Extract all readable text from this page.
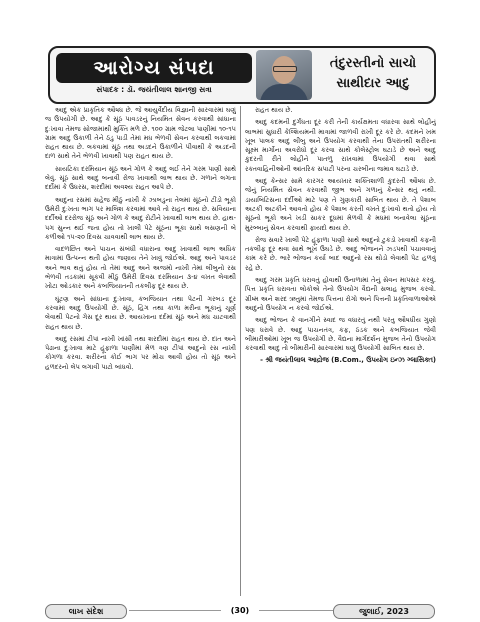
આરોગ્ય સંપદા
સંપાદક : ડૉ. જયંતીલાલ શાનજી સત્રા
તંદુરસ્તીનો સાચો
સાથીદાર આદુ

આદુ એક પ્રાકૃતિક ઔષધ છે. જે આયુર્વેદીય વિજ્ઞાની સારવારમાં ઘણું જ ઉપયોગી છે. આદુ કે સૂંઠ પાવડરનું નિયમિત સેવન કરવાથી સાંધાના દુઃખાવા તેમજ સોજામાંથી મુક્તિ મળે છે. ૧૦૦ ગ્રામ જેટલા પાણીમાં ૧૦-૧૫ ગ્રામ આદુ ઉકાળી તેને ઠંડુ પાડી તેમાં મધ ભેળવી સેવન કરવાથી લકવામાં રાહત થાય છે. લકવામાં સૂંઠ તથા અડદને ઉકાળીને પીવાથી કે અડદની દાળ સાથે તેને ભેળવી ખાવાથી પણ રાહત થાય છે.

સાયટિકા દરમિયાન સૂંઠ અને ગોળ કે આદુ લઈ તેને ગરમ પાણી સાથે લેવું. સૂંઠ સાથે આદુ બનાવી રોજ ખાવાથી લાભ થાય છે. ગળાને લગતા દર્દોમાં કે ઉધરસ, શરદીમાં અવશ્ય રાહત આપે છે.

આદુના રસમાં સહેજ મીઠું નાખી કે ઝાબડુના તેલમાં સૂંઠનો ટીંડો ભૂકો ઉમેરી દુઃખતા ભાગ પર માલિશ કરવામાં આવે તો રાહત થાય છે. સવિયાના દર્દીઓ દરરોજ સૂંઠ અને ગોળ કે આદુ રોટીને ખાવાથી લાભ થાય છે. હાથ-પગ સુન્ન થઈ જતા હોય તો ખાલી પેટે સૂંઠના ભૂકા સાથે લસણની બે કળીઓ ૧૫-૨૦ દિવસ ચાવવાથી લાભ થાય છે.

વાદળછિત અને પાચન સંબંધી વધારાના આદુ ખાવાથી લાભ અધિક માત્રામાં ઉત્પન્ન થતી હોય જણાય તેને ખાવું જોઈએ. આદુ અને પાવડર અને ભાવ થતું હોય તો તેમાં આદુ અને અજમો નાખી તેમાં લીંબુનો રસ ભેળવી તડકામાં સૂકવી મીઠું ઉમેરી દિવસ દરમિયાન ૩-૪ વખત લેવાથી ખોટા ઓડકાર અને કબજિયાતની તકલીફ દૂર થાય છે.

ઘૂંટણ અને સાંધાના દુઃખાવા, કબજિયાત તથા પેટની ગરબડ દૂર કરવામાં આદુ ઉપયોગી છે. સૂંઠ, હિંગ તથા કાળા મરીના ભૂકાનું ચૂર્ણ લેવાથી પેટનો ગેસ દૂર થાય છે. આયખાના દર્દમાં સૂંઠ અને મધ ચાટવાથી રાહત થાય છે.

આદુ રસમાં ટીપાં નાખી ખાંસી તથા શરદીમાં રાહત થાય છે. દાંત અને પેઢાના દુઃખાવા માટે હૂંફાળા પાણીમાં મેળ ત્રણ ટીપાં આદુનો રસ નાખી કોગળા કરવા. શરીરના કોઈ ભાગ પર મોચ આવી હોય તો સૂંઠ અને હળદરનો લેપ લગાવી પાટો બાંધવો.

રાહત થાય છે.

આદુ કદમની દુર્ગંધતા દૂર કરી તેની કાર્યક્ષમતા વધારવા સાથે લોહીનું લાભમાં સુધારી કેલ્શિયમની માત્રામાં જાળવી રાખી દૂર કરે છે. કદમને ખમ ખૂબ પાલક આદુ લીંબુ અને ઉપયોગ કરવાથી તેના ઉપરાંતથી શરીરના સૂક્ષ્મ માર્ગોના અવરોધો દૂર કરવા સાથે કોલેસ્ટ્રોલ ઘટાડે છે અને આદુ કુદરતી રીતે લોહીને પાતળું રાખવામાં ઉપયોગી થવા સાથે રક્તવાહિનીઓની આંતરિક સપાટી પરના ચરબીના જમાવ ઘટાડે છે.

આદુ કેન્સર સામે કારગર આયખાર શક્તિશાળી કુદરતી ઔષધ છે. જેનું નિયમિત સેવન કરવાથી જીભ અને ગળાનું કેન્સર થતું નથી. ડાયાબિટિસના દર્દીઓ માટે પણ તે ગુણકારી સાબિત થાય છે. તે પેશાબ અટકી અટકીને આવતો હોય કે પેશાબ કરતી વખતે દુઃખાવો થતો હોય તો સૂંઠનો ભૂકો અને ખડી સાકર દૂધમાં મેળવી કે મધમાં બનાવેલા સૂંઠના મુરબ્બાનું સેવન કરવાથી ફાયદો થાય છે.

રોજ સવારે ખાલી પેટે હૂંફાળા પાણી સાથે આદુનો ટુકડો ખાવાથી કફની તકલીફ દૂર થવા સાથે ભૂખ ઉઘડે છે. આદુ ભોજનને ઝડપથી પચાવવાનું કામ કરે છે. ભારે ભોજન કર્યા બાદ આદુનો રસ થોડો લેવાથી પેટ હળવું રહે છે.

આદુ ગરમ પ્રકૃતિ ધરાવતું હોવાથી ઉનાળામાં તેનું સેવન માપસર કરવું. પિત્ત પ્રકૃતિ ધરાવતા લોકોએ તેનો ઉપયોગ વૈદ્યની સલાહ મુજબ કરવો. ગ્રીષ્મ અને શરદ ઋતુમાં તેમજ પિત્તના રોગો અને પિત્તની પ્રકૃતિવાળાઓએ આદુનો ઉપયોગ ન કરવો જોઈએ.

આદુ ભોજન કે વાનગીને સ્વાદ જ વધારતું નથી પરંતુ ઔષધીય ગુણો પણ ધરાવે છે. આદુ પાચનતંત્ર, કફ, ઠંડક અને કબજિયાત જેવી બીમારીઓમાં ખૂબ જ ઉપયોગી છે. વૈદ્યના માર્ગદર્શન મુજબ તેનો ઉપયોગ કરવાથી આદુ તો બીમારીની સારવારમાં ઘણું ઉપયોગી સાબિત થાય છે.

- શ્રી જયંતીલાલ આદ્રોજ (B.Com., ઉપયોગ ઇન્ઝ ગ્લાસિક્ત)
લાખ સંદેશ	(30)	જુલાઈ, 2023
